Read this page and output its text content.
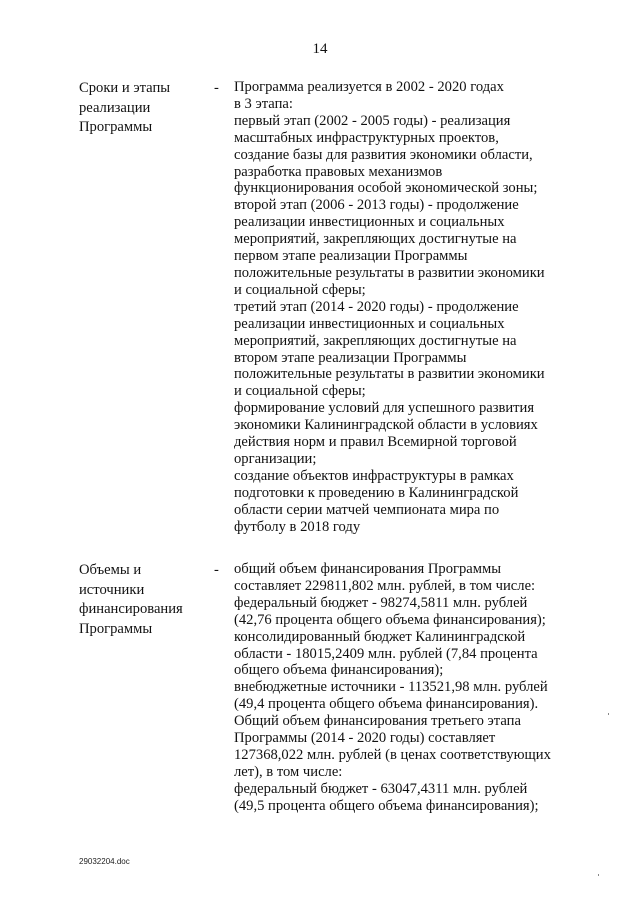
14
Сроки и этапы
реализации
Программы
- Программа реализуется в 2002 - 2020 годах
в 3 этапа:
первый этап (2002 - 2005 годы) - реализация
масштабных инфраструктурных проектов,
создание базы для развития экономики области,
разработка правовых механизмов
функционирования особой экономической зоны;
второй этап (2006 - 2013 годы) - продолжение
реализации инвестиционных и социальных
мероприятий, закрепляющих достигнутые на
первом этапе реализации Программы
положительные результаты в развитии экономики
и социальной сферы;
третий этап (2014 - 2020 годы) - продолжение
реализации инвестиционных и социальных
мероприятий, закрепляющих достигнутые на
втором этапе реализации Программы
положительные результаты в развитии экономики
и социальной сферы;
формирование условий для успешного развития
экономики Калининградской области в условиях
действия норм и правил Всемирной торговой
организации;
создание объектов инфраструктуры в рамках
подготовки к проведению в Калининградской
области серии матчей чемпионата мира по
футболу в 2018 году
Объемы и
источники
финансирования
Программы
- общий объем финансирования Программы
составляет 229811,802 млн. рублей, в том числе:
федеральный бюджет - 98274,5811 млн. рублей
(42,76 процента общего объема финансирования);
консолидированный бюджет Калининградской
области - 18015,2409 млн. рублей (7,84 процента
общего объема финансирования);
внебюджетные источники - 113521,98 млн. рублей
(49,4 процента общего объема финансирования).
Общий объем финансирования третьего этапа
Программы (2014 - 2020 годы) составляет
127368,022 млн. рублей (в ценах соответствующих
лет), в том числе:
федеральный бюджет - 63047,4311 млн. рублей
(49,5 процента общего объема финансирования);
29032204.doc
